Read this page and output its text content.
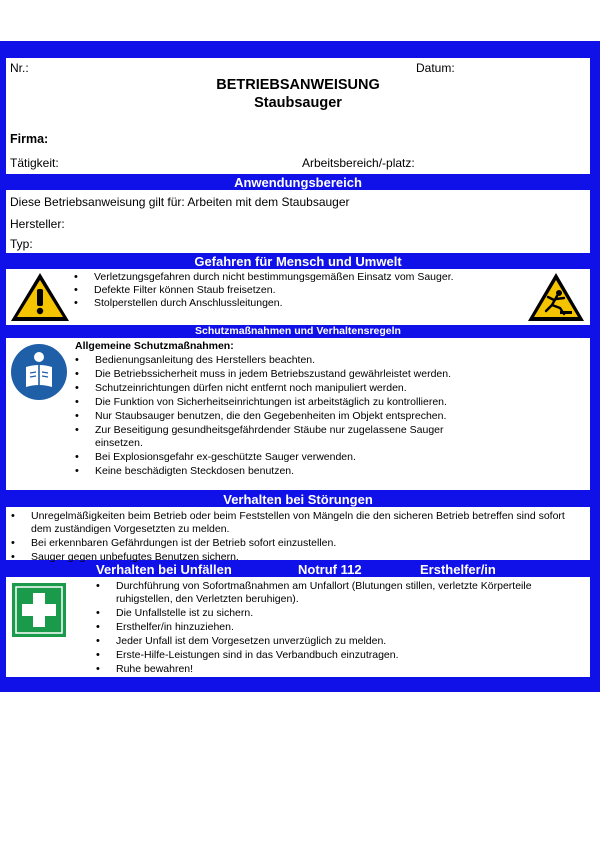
Nr.:	Datum:
BETRIEBSANWEISUNG
Staubsauger
Firma:
Tätigkeit:	Arbeitsbereich/-platz:
Anwendungsbereich
Diese Betriebsanweisung gilt für: Arbeiten mit dem Staubsauger
Hersteller:
Typ:
Gefahren für Mensch und Umwelt
• Verletzungsgefahren durch nicht bestimmungsgemäßen Einsatz vom Sauger.
• Defekte Filter können Staub freisetzen.
• Stolperstellen durch Anschlussleitungen.
Schutzmaßnahmen und Verhaltensregeln
Allgemeine Schutzmaßnahmen:
• Bedienungsanleitung des Herstellers beachten.
• Die Betriebssicherheit muss in jedem Betriebszustand gewährleistet werden.
• Schutzeinrichtungen dürfen nicht entfernt noch manipuliert werden.
• Die Funktion von Sicherheitseinrichtungen ist arbeitstäglich zu kontrollieren.
• Nur Staubsauger benutzen, die den Gegebenheiten im Objekt entsprechen.
• Zur Beseitigung gesundheitsgefährdender Stäube nur zugelassene Sauger einsetzen.
• Bei Explosionsgefahr ex-geschützte Sauger verwenden.
• Keine beschädigten Steckdosen benutzen.
Verhalten bei Störungen
• Unregelmäßigkeiten beim Betrieb oder beim Feststellen von Mängeln die den sicheren Betrieb betreffen sind sofort dem zuständigen Vorgesetzten zu melden.
• Bei erkennbaren Gefährdungen ist der Betrieb sofort einzustellen.
• Sauger gegen unbefugtes Benutzen sichern.
Verhalten bei Unfällen	Notruf 112	Ersthelfer/in
• Durchführung von Sofortmaßnahmen am Unfallort (Blutungen stillen, verletzte Körperteile ruhigstellen, den Verletzten beruhigen).
• Die Unfallstelle ist zu sichern.
• Ersthelfer/in hinzuziehen.
• Jeder Unfall ist dem Vorgesetzen unverzüglich zu melden.
• Erste-Hilfe-Leistungen sind in das Verbandbuch einzutragen.
• Ruhe bewahren!
